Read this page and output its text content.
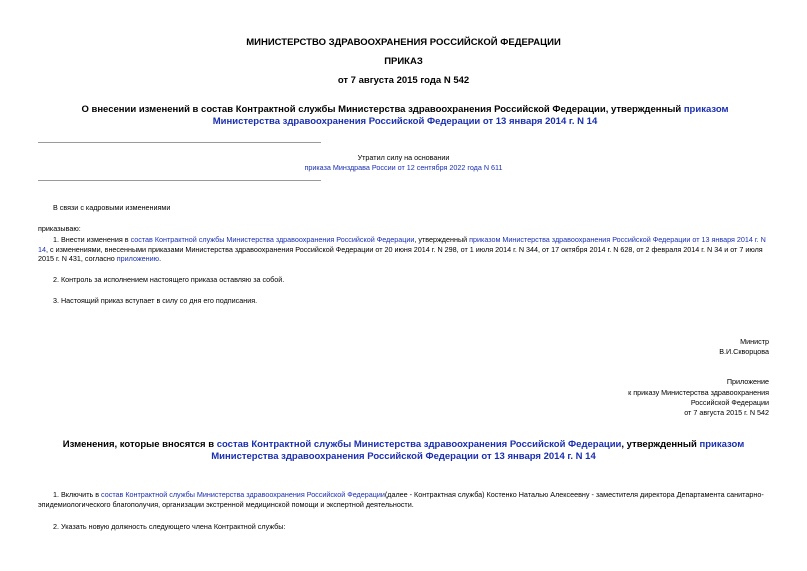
МИНИСТЕРСТВО ЗДРАВООХРАНЕНИЯ РОССИЙСКОЙ ФЕДЕРАЦИИ
ПРИКАЗ
от 7 августа 2015 года N 542
О внесении изменений в состав Контрактной службы Министерства здравоохранения Российской Федерации, утвержденный приказом Министерства здравоохранения Российской Федерации от 13 января 2014 г. N 14
Утратил силу на основании
приказа Минздрава России от 12 сентября 2022 года N 611
В связи с кадровыми изменениями
приказываю:
1. Внести изменения в состав Контрактной службы Министерства здравоохранения Российской Федерации, утвержденный приказом Министерства здравоохранения Российской Федерации от 13 января 2014 г. N 14, с изменениями, внесенными приказами Министерства здравоохранения Российской Федерации от 20 июня 2014 г. N 298, от 1 июля 2014 г. N 344, от 17 октября 2014 г. N 628, от 2 февраля 2014 г. N 34 и от 7 июля 2015 г. N 431, согласно приложению.
2. Контроль за исполнением настоящего приказа оставляю за собой.
3. Настоящий приказ вступает в силу со дня его подписания.
Министр
В.И.Скворцова
Приложение
к приказу Министерства здравоохранения
Российской Федерации
от 7 августа 2015 г. N 542
Изменения, которые вносятся в состав Контрактной службы Министерства здравоохранения Российской Федерации, утвержденный приказом Министерства здравоохранения Российской Федерации от 13 января 2014 г. N 14
1. Включить в состав Контрактной службы Министерства здравоохранения Российской Федерации(далее - Контрактная служба) Костенко Наталью Алексеевну - заместителя директора Департамента санитарно-эпидемиологического благополучия, организации экстренной медицинской помощи и экспертной деятельности.
2. Указать новую должность следующего члена Контрактной службы:
